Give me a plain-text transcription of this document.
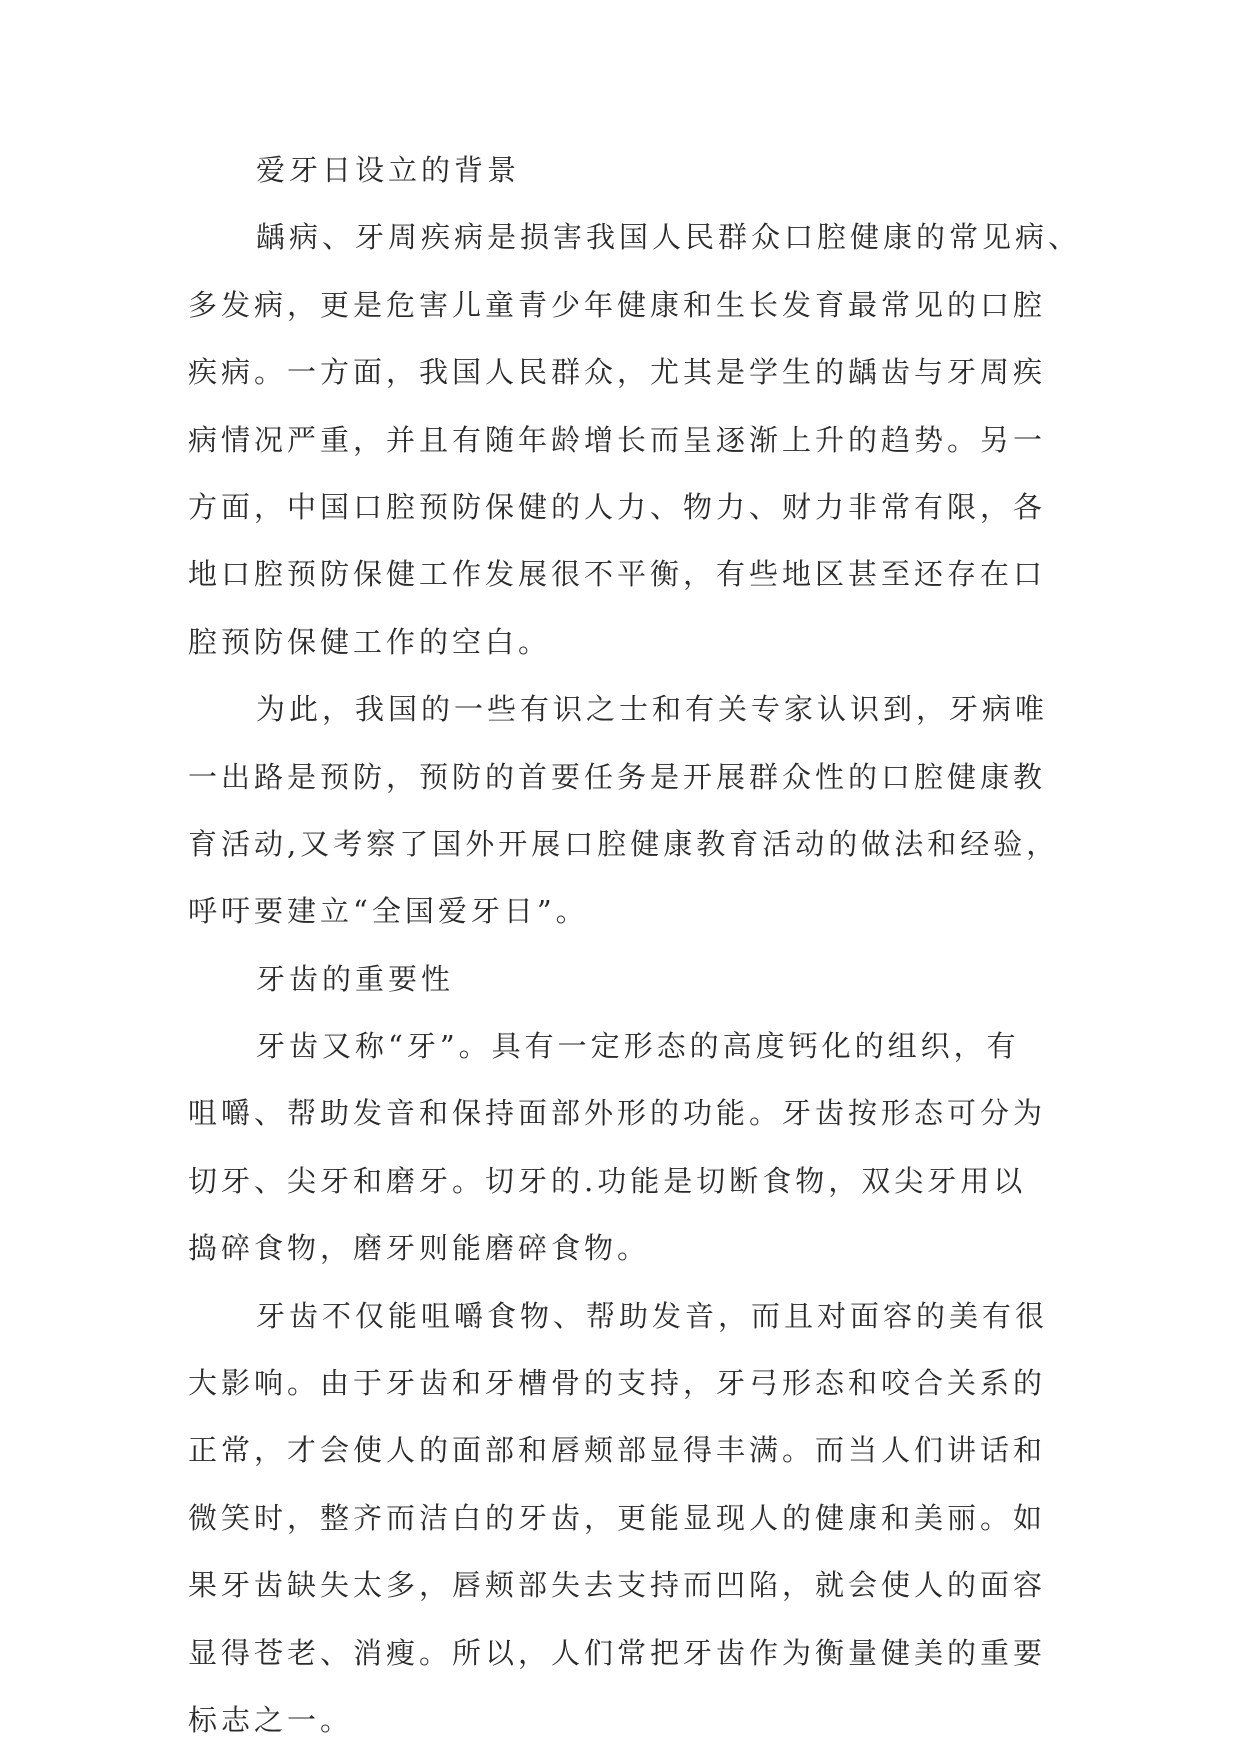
爱牙日设立的背景

龋病、牙周疾病是损害我国人民群众口腔健康的常见病、

多发病，更是危害儿童青少年健康和生长发育最常见的口腔

疾病。一方面，我国人民群众，尤其是学生的龋齿与牙周疾

病情况严重，并且有随年龄增长而呈逐渐上升的趋势。另一

方面，中国口腔预防保健的人力、物力、财力非常有限，各

地口腔预防保健工作发展很不平衡，有些地区甚至还存在口

腔预防保健工作的空白。

为此，我国的一些有识之士和有关专家认识到，牙病唯

一出路是预防，预防的首要任务是开展群众性的口腔健康教

育活动,又考察了国外开展口腔健康教育活动的做法和经验，

呼吁要建立“全国爱牙日”。

牙齿的重要性

牙齿又称“牙”。具有一定形态的高度钙化的组织，有

咀嚼、帮助发音和保持面部外形的功能。牙齿按形态可分为

切牙、尖牙和磨牙。切牙的.功能是切断食物，双尖牙用以

捣碎食物，磨牙则能磨碎食物。

牙齿不仅能咀嚼食物、帮助发音，而且对面容的美有很

大影响。由于牙齿和牙槽骨的支持，牙弓形态和咬合关系的

正常，才会使人的面部和唇颊部显得丰满。而当人们讲话和

微笑时，整齐而洁白的牙齿，更能显现人的健康和美丽。如

果牙齿缺失太多，唇颊部失去支持而凹陷，就会使人的面容

显得苍老、消瘦。所以，人们常把牙齿作为衡量健美的重要

标志之一。
